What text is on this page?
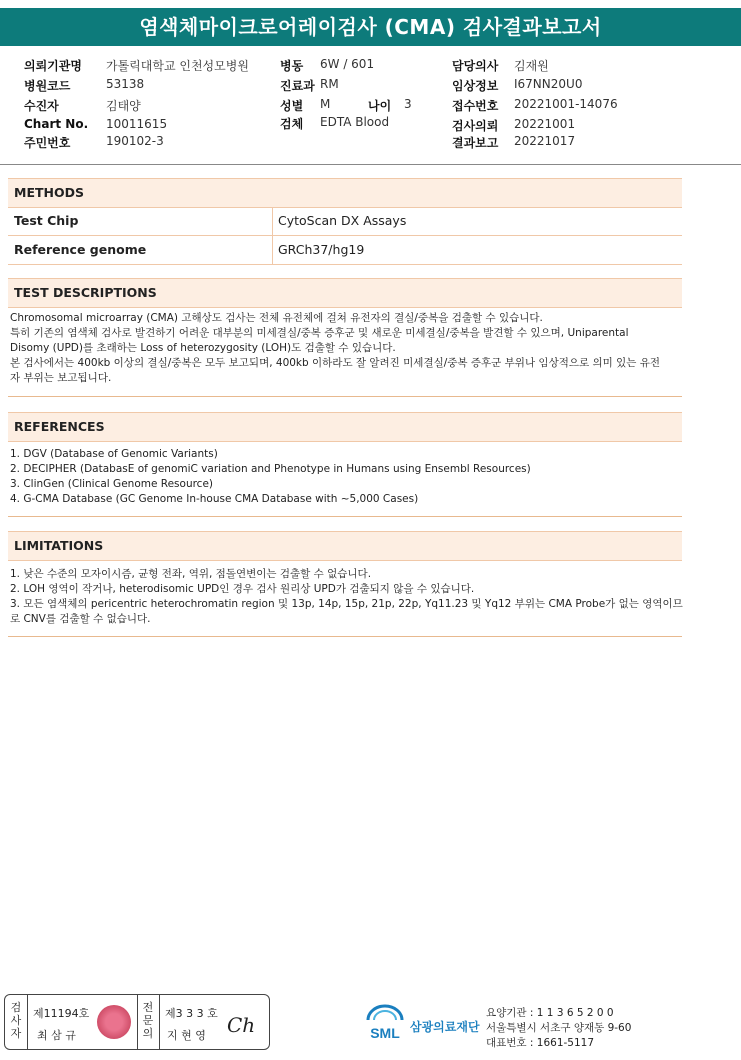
염색체마이크로어레이검사 (CMA) 검사결과보고서
의뢰기관명 가톨릭대학교 인천성모병원
병원코드	53138
수진자	김태양
Chart No. 10011615
주민번호	190102-3
병동 6W / 601
진료과 RM
성별 M	나이 3
검체 EDTA Blood
담당의사 김재원
임상정보 I67NN20U0
접수번호 20221001-14076
검사의뢰 20221001
결과보고 20221017
METHODS
Test Chip	CytoScan DX Assays
Reference genome	GRCh37/hg19
TEST DESCRIPTIONS
Chromosomal microarray (CMA) 고해상도 검사는 전체 유전체에 걸쳐 유전자의 결실/중복을 검출할 수 있습니다.
특히 기존의 염색체 검사로 발견하기 어려운 대부분의 미세결실/중복 증후군 및 새로운 미세결실/중복을 발견할 수 있으며, Uniparental
Disomy (UPD)를 초래하는 Loss of heterozygosity (LOH)도 검출할 수 있습니다.
본 검사에서는 400kb 이상의 결실/중복은 모두 보고되며, 400kb 이하라도 잘 알려진 미세결실/중복 증후군 부위나 임상적으로 의미 있는 유전
자 부위는 보고됩니다.
REFERENCES
1. DGV (Database of Genomic Variants)
2. DECIPHER (DatabasE of genomiC variation and Phenotype in Humans using Ensembl Resources)
3. ClinGen (Clinical Genome Resource)
4. G-CMA Database (GC Genome In-house CMA Database with ~5,000 Cases)
LIMITATIONS
1. 낮은 수준의 모자이시즘, 균형 전좌, 역위, 점돌연변이는 검출할 수 없습니다.
2. LOH 영역이 작거나, heterodisomic UPD인 경우 검사 원리상 UPD가 검출되지 않을 수 있습니다.
3. 모든 염색체의 pericentric heterochromatin region 및 13p, 14p, 15p, 21p, 22p, Yq11.23 및 Yq12 부위는 CMA Probe가 없는 영역이므
로 CNV를 검출할 수 없습니다.
검
사
자
제11194호
최 삼 규
전
문
의
제3 3 3 호
지 현 영 Ch	SML 삼광의료재단
요양기관 : 1 1 3 6 5 2 0 0
서울특별시 서초구 양재동 9-60
대표번호 : 1661-5117
